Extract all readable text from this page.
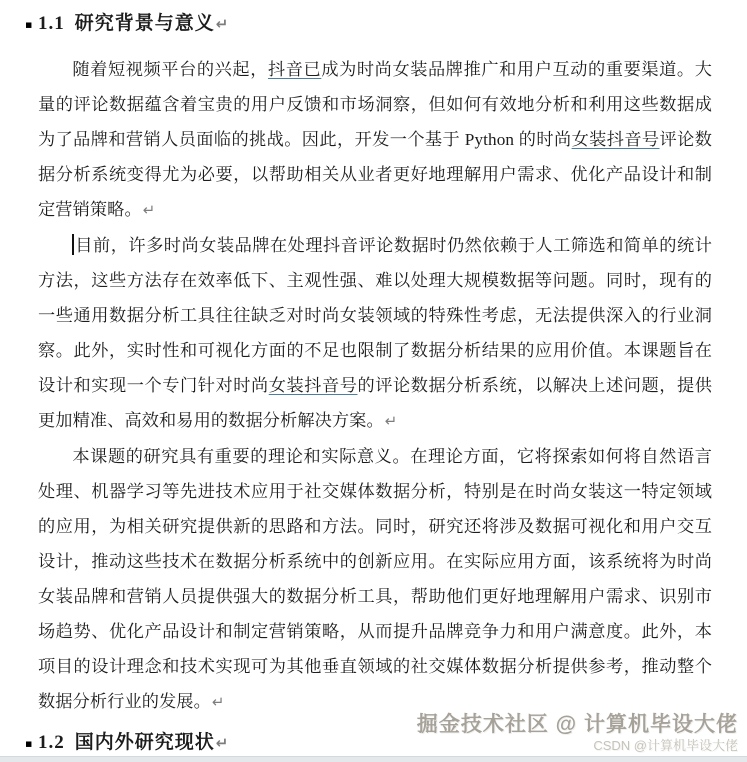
▪ 1.1 研究背景与意义↵

随着短视频平台的兴起，抖音已成为时尚女装品牌推广和用户互动的重要渠道。大量的评论数据蕴含着宝贵的用户反馈和市场洞察，但如何有效地分析和利用这些数据成为了品牌和营销人员面临的挑战。因此，开发一个基于 Python 的时尚女装抖音号评论数据分析系统变得尤为必要，以帮助相关从业者更好地理解用户需求、优化产品设计和制定营销策略。↵

目前，许多时尚女装品牌在处理抖音评论数据时仍然依赖于人工筛选和简单的统计方法，这些方法存在效率低下、主观性强、难以处理大规模数据等问题。同时，现有的一些通用数据分析工具往往缺乏对时尚女装领域的特殊性考虑，无法提供深入的行业洞察。此外，实时性和可视化方面的不足也限制了数据分析结果的应用价值。本课题旨在设计和实现一个专门针对时尚女装抖音号的评论数据分析系统，以解决上述问题，提供更加精准、高效和易用的数据分析解决方案。↵

本课题的研究具有重要的理论和实际意义。在理论方面，它将探索如何将自然语言处理、机器学习等先进技术应用于社交媒体数据分析，特别是在时尚女装这一特定领域的应用，为相关研究提供新的思路和方法。同时，研究还将涉及数据可视化和用户交互设计，推动这些技术在数据分析系统中的创新应用。在实际应用方面，该系统将为时尚女装品牌和营销人员提供强大的数据分析工具，帮助他们更好地理解用户需求、识别市场趋势、优化产品设计和制定营销策略，从而提升品牌竞争力和用户满意度。此外，本项目的设计理念和技术实现可为其他垂直领域的社交媒体数据分析提供参考，推动整个数据分析行业的发展。↵

▪ 1.2 国内外研究现状↵
掘金技术社区 @ 计算机毕设大佬
CSDN @计算机毕设大佬
